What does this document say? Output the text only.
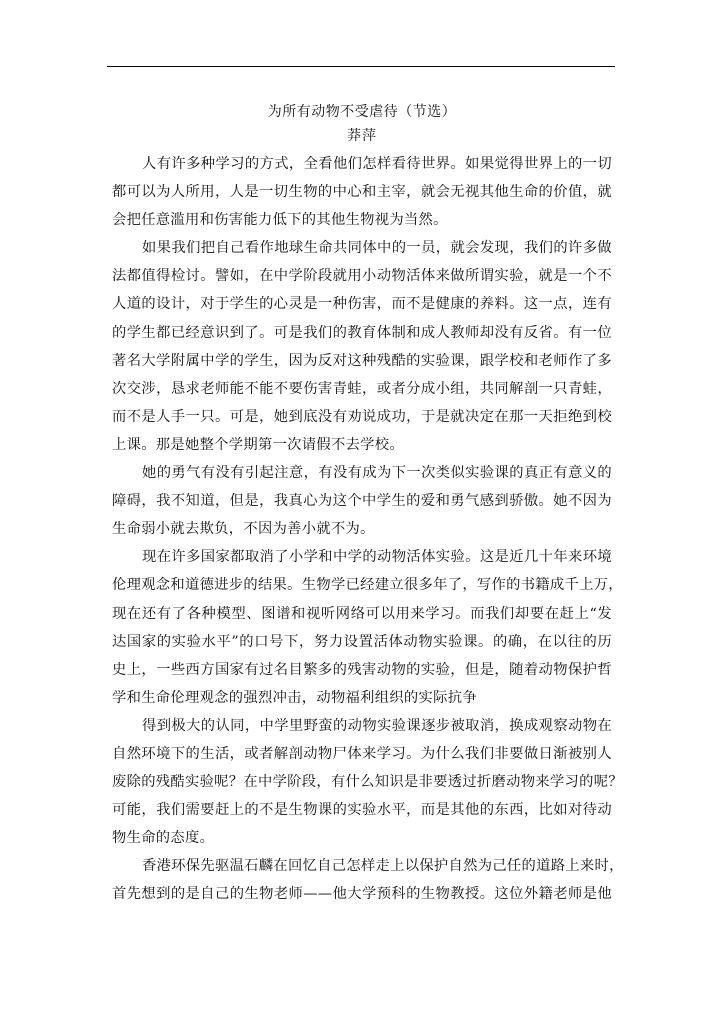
为所有动物不受虐待（节选）
莽萍

人有许多种学习的方式，全看他们怎样看待世界。如果觉得世界上的一切
都可以为人所用，人是一切生物的中心和主宰，就会无视其他生命的价值，就
会把任意滥用和伤害能力低下的其他生物视为当然。

如果我们把自己看作地球生命共同体中的一员，就会发现，我们的许多做
法都值得检讨。譬如，在中学阶段就用小动物活体来做所谓实验，就是一个不
人道的设计，对于学生的心灵是一种伤害，而不是健康的养料。这一点，连有
的学生都已经意识到了。可是我们的教育体制和成人教师却没有反省。有一位
著名大学附属中学的学生，因为反对这种残酷的实验课，跟学校和老师作了多
次交涉，恳求老师能不能不要伤害青蛙，或者分成小组，共同解剖一只青蛙，
而不是人手一只。可是，她到底没有劝说成功，于是就决定在那一天拒绝到校
上课。那是她整个学期第一次请假不去学校。

她的勇气有没有引起注意，有没有成为下一次类似实验课的真正有意义的
障碍，我不知道，但是，我真心为这个中学生的爱和勇气感到骄傲。她不因为
生命弱小就去欺负，不因为善小就不为。

现在许多国家都取消了小学和中学的动物活体实验。这是近几十年来环境
伦理观念和道德进步的结果。生物学已经建立很多年了，写作的书籍成千上万，
现在还有了各种模型、图谱和视听网络可以用来学习。而我们却要在赶上“发
达国家的实验水平”的口号下，努力设置活体动物实验课。的确，在以往的历
史上，一些西方国家有过名目繁多的残害动物的实验，但是，随着动物保护哲
学和生命伦理观念的强烈冲击，动物福利组织的实际抗争

得到极大的认同，中学里野蛮的动物实验课逐步被取消，换成观察动物在
自然环境下的生活，或者解剖动物尸体来学习。为什么我们非要做日渐被别人
废除的残酷实验呢？在中学阶段，有什么知识是非要透过折磨动物来学习的呢？
可能，我们需要赶上的不是生物课的实验水平，而是其他的东西，比如对待动
物生命的态度。

香港环保先驱温石麟在回忆自己怎样走上以保护自然为己任的道路上来时，
首先想到的是自己的生物老师——他大学预科的生物教授。这位外籍老师是他
